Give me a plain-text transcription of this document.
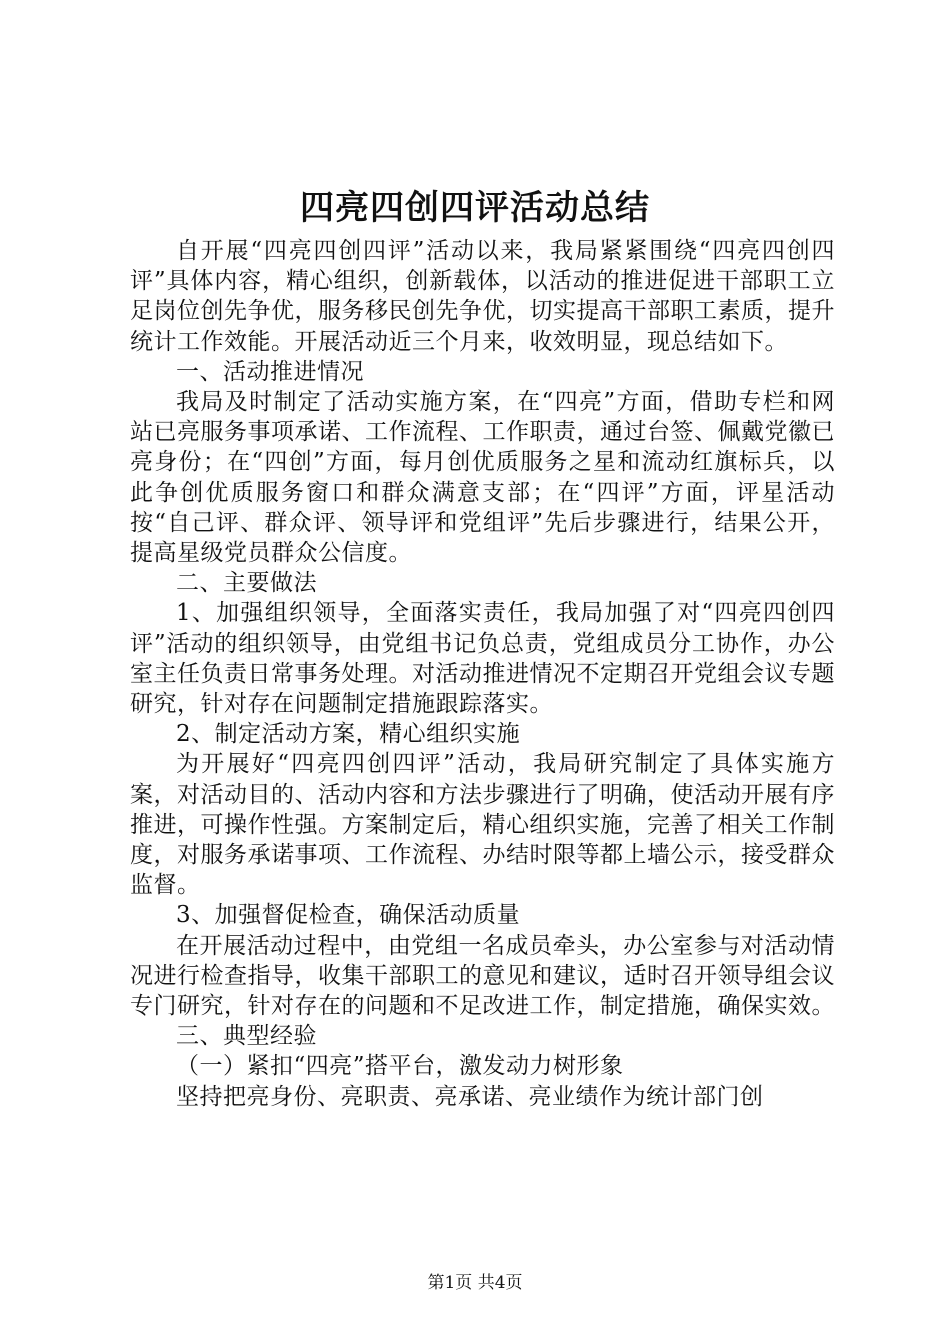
四亮四创四评活动总结

自开展“四亮四创四评”活动以来，我局紧紧围绕“四亮四创四评”具体内容，精心组织，创新载体，以活动的推进促进干部职工立足岗位创先争优，服务移民创先争优，切实提高干部职工素质，提升统计工作效能。开展活动近三个月来，收效明显，现总结如下。

一、活动推进情况

我局及时制定了活动实施方案，在“四亮”方面，借助专栏和网站已亮服务事项承诺、工作流程、工作职责，通过台签、佩戴党徽已亮身份；在“四创”方面，每月创优质服务之星和流动红旗标兵，以此争创优质服务窗口和群众满意支部；在“四评”方面，评星活动按“自己评、群众评、领导评和党组评”先后步骤进行，结果公开，提高星级党员群众公信度。

二、主要做法

1、加强组织领导，全面落实责任，我局加强了对“四亮四创四评”活动的组织领导，由党组书记负总责，党组成员分工协作，办公室主任负责日常事务处理。对活动推进情况不定期召开党组会议专题研究，针对存在问题制定措施跟踪落实。

2、制定活动方案，精心组织实施

为开展好“四亮四创四评”活动，我局研究制定了具体实施方案，对活动目的、活动内容和方法步骤进行了明确，使活动开展有序推进，可操作性强。方案制定后，精心组织实施，完善了相关工作制度，对服务承诺事项、工作流程、办结时限等都上墙公示，接受群众监督。

3、加强督促检查，确保活动质量

在开展活动过程中，由党组一名成员牵头，办公室参与对活动情况进行检查指导，收集干部职工的意见和建议，适时召开领导组会议专门研究，针对存在的问题和不足改进工作，制定措施，确保实效。

三、典型经验

（一）紧扣“四亮”搭平台，激发动力树形象

坚持把亮身份、亮职责、亮承诺、亮业绩作为统计部门创

第1页 共4页
